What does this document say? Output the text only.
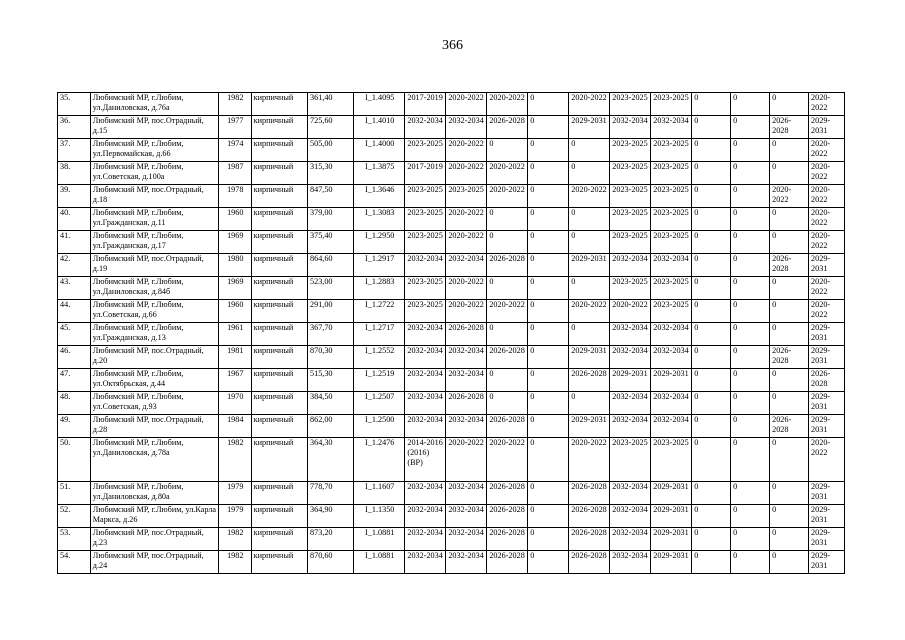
366
35.	Любимский МР, г.Любим, ул.Даниловская, д.76а	1982	кирпичный	361,40	I_1.4095	2017-2019	2020-2022	2020-2022	0	2020-2022	2023-2025	2023-2025	0	0	0	2020-2022
36.	Любимский МР, пос.Отрадный, д.15	1977	кирпичный	725,60	I_1.4010	2032-2034	2032-2034	2026-2028	0	2029-2031	2032-2034	2032-2034	0	0	2026-2028	2029-2031
37.	Любимский МР, г.Любим, ул.Первомайская, д.66	1974	кирпичный	505,00	I_1.4000	2023-2025	2020-2022	0	0	0	2023-2025	2023-2025	0	0	0	2020-2022
38.	Любимский МР, г.Любим, ул.Советская, д.100а	1987	кирпичный	315,30	I_1.3875	2017-2019	2020-2022	2020-2022	0	0	2023-2025	2023-2025	0	0	0	2020-2022
39.	Любимский МР, пос.Отрадный, д.18	1978	кирпичный	847,50	I_1.3646	2023-2025	2023-2025	2020-2022	0	2020-2022	2023-2025	2023-2025	0	0	2020-2022	2020-2022
40.	Любимский МР, г.Любим, ул.Гражданская, д.11	1960	кирпичный	379,00	I_1.3083	2023-2025	2020-2022	0	0	0	2023-2025	2023-2025	0	0	0	2020-2022
41.	Любимский МР, г.Любим, ул.Гражданская, д.17	1969	кирпичный	375,40	I_1.2950	2023-2025	2020-2022	0	0	0	2023-2025	2023-2025	0	0	0	2020-2022
42.	Любимский МР, пос.Отрадный, д.19	1980	кирпичный	864,60	I_1.2917	2032-2034	2032-2034	2026-2028	0	2029-2031	2032-2034	2032-2034	0	0	2026-2028	2029-2031
43.	Любимский МР, г.Любим, ул.Даниловская, д.84б	1969	кирпичный	523,00	I_1.2883	2023-2025	2020-2022	0	0	0	2023-2025	2023-2025	0	0	0	2020-2022
44.	Любимский МР, г.Любим, ул.Советская, д.66	1960	кирпичный	291,00	I_1.2722	2023-2025	2020-2022	2020-2022	0	2020-2022	2020-2022	2023-2025	0	0	0	2020-2022
45.	Любимский МР, г.Любим, ул.Гражданская, д.13	1961	кирпичный	367,70	I_1.2717	2032-2034	2026-2028	0	0	0	2032-2034	2032-2034	0	0	0	2029-2031
46.	Любимский МР, пос.Отрадный, д.20	1981	кирпичный	870,30	I_1.2552	2032-2034	2032-2034	2026-2028	0	2029-2031	2032-2034	2032-2034	0	0	2026-2028	2029-2031
47.	Любимский МР, г.Любим, ул.Октябрьская, д.44	1967	кирпичный	515,30	I_1.2519	2032-2034	2032-2034	0	0	2026-2028	2029-2031	2029-2031	0	0	0	2026-2028
48.	Любимский МР, г.Любим, ул.Советская, д.93	1970	кирпичный	384,50	I_1.2507	2032-2034	2026-2028	0	0	0	2032-2034	2032-2034	0	0	0	2029-2031
49.	Любимский МР, пос.Отрадный, д.28	1984	кирпичный	862,00	I_1.2500	2032-2034	2032-2034	2026-2028	0	2029-2031	2032-2034	2032-2034	0	0	2026-2028	2029-2031
50.	Любимский МР, г.Любим, ул.Даниловская, д.78а	1982	кирпичный	364,30	I_1.2476	2014-2016 (2016) (ВР)	2020-2022	2020-2022	0	2020-2022	2023-2025	2023-2025	0	0	0	2020-2022
51.	Любимский МР, г.Любим, ул.Даниловская, д.80а	1979	кирпичный	778,70	I_1.1607	2032-2034	2032-2034	2026-2028	0	2026-2028	2032-2034	2029-2031	0	0	0	2029-2031
52.	Любимский МР, г.Любим, ул.Карла Маркса, д.26	1979	кирпичный	364,90	I_1.1350	2032-2034	2032-2034	2026-2028	0	2026-2028	2032-2034	2029-2031	0	0	0	2029-2031
53.	Любимский МР, пос.Отрадный, д.23	1982	кирпичный	873,20	I_1.0881	2032-2034	2032-2034	2026-2028	0	2026-2028	2032-2034	2029-2031	0	0	0	2029-2031
54.	Любимский МР, пос.Отрадный, д.24	1982	кирпичный	870,60	I_1.0881	2032-2034	2032-2034	2026-2028	0	2026-2028	2032-2034	2029-2031	0	0	0	2029-2031
